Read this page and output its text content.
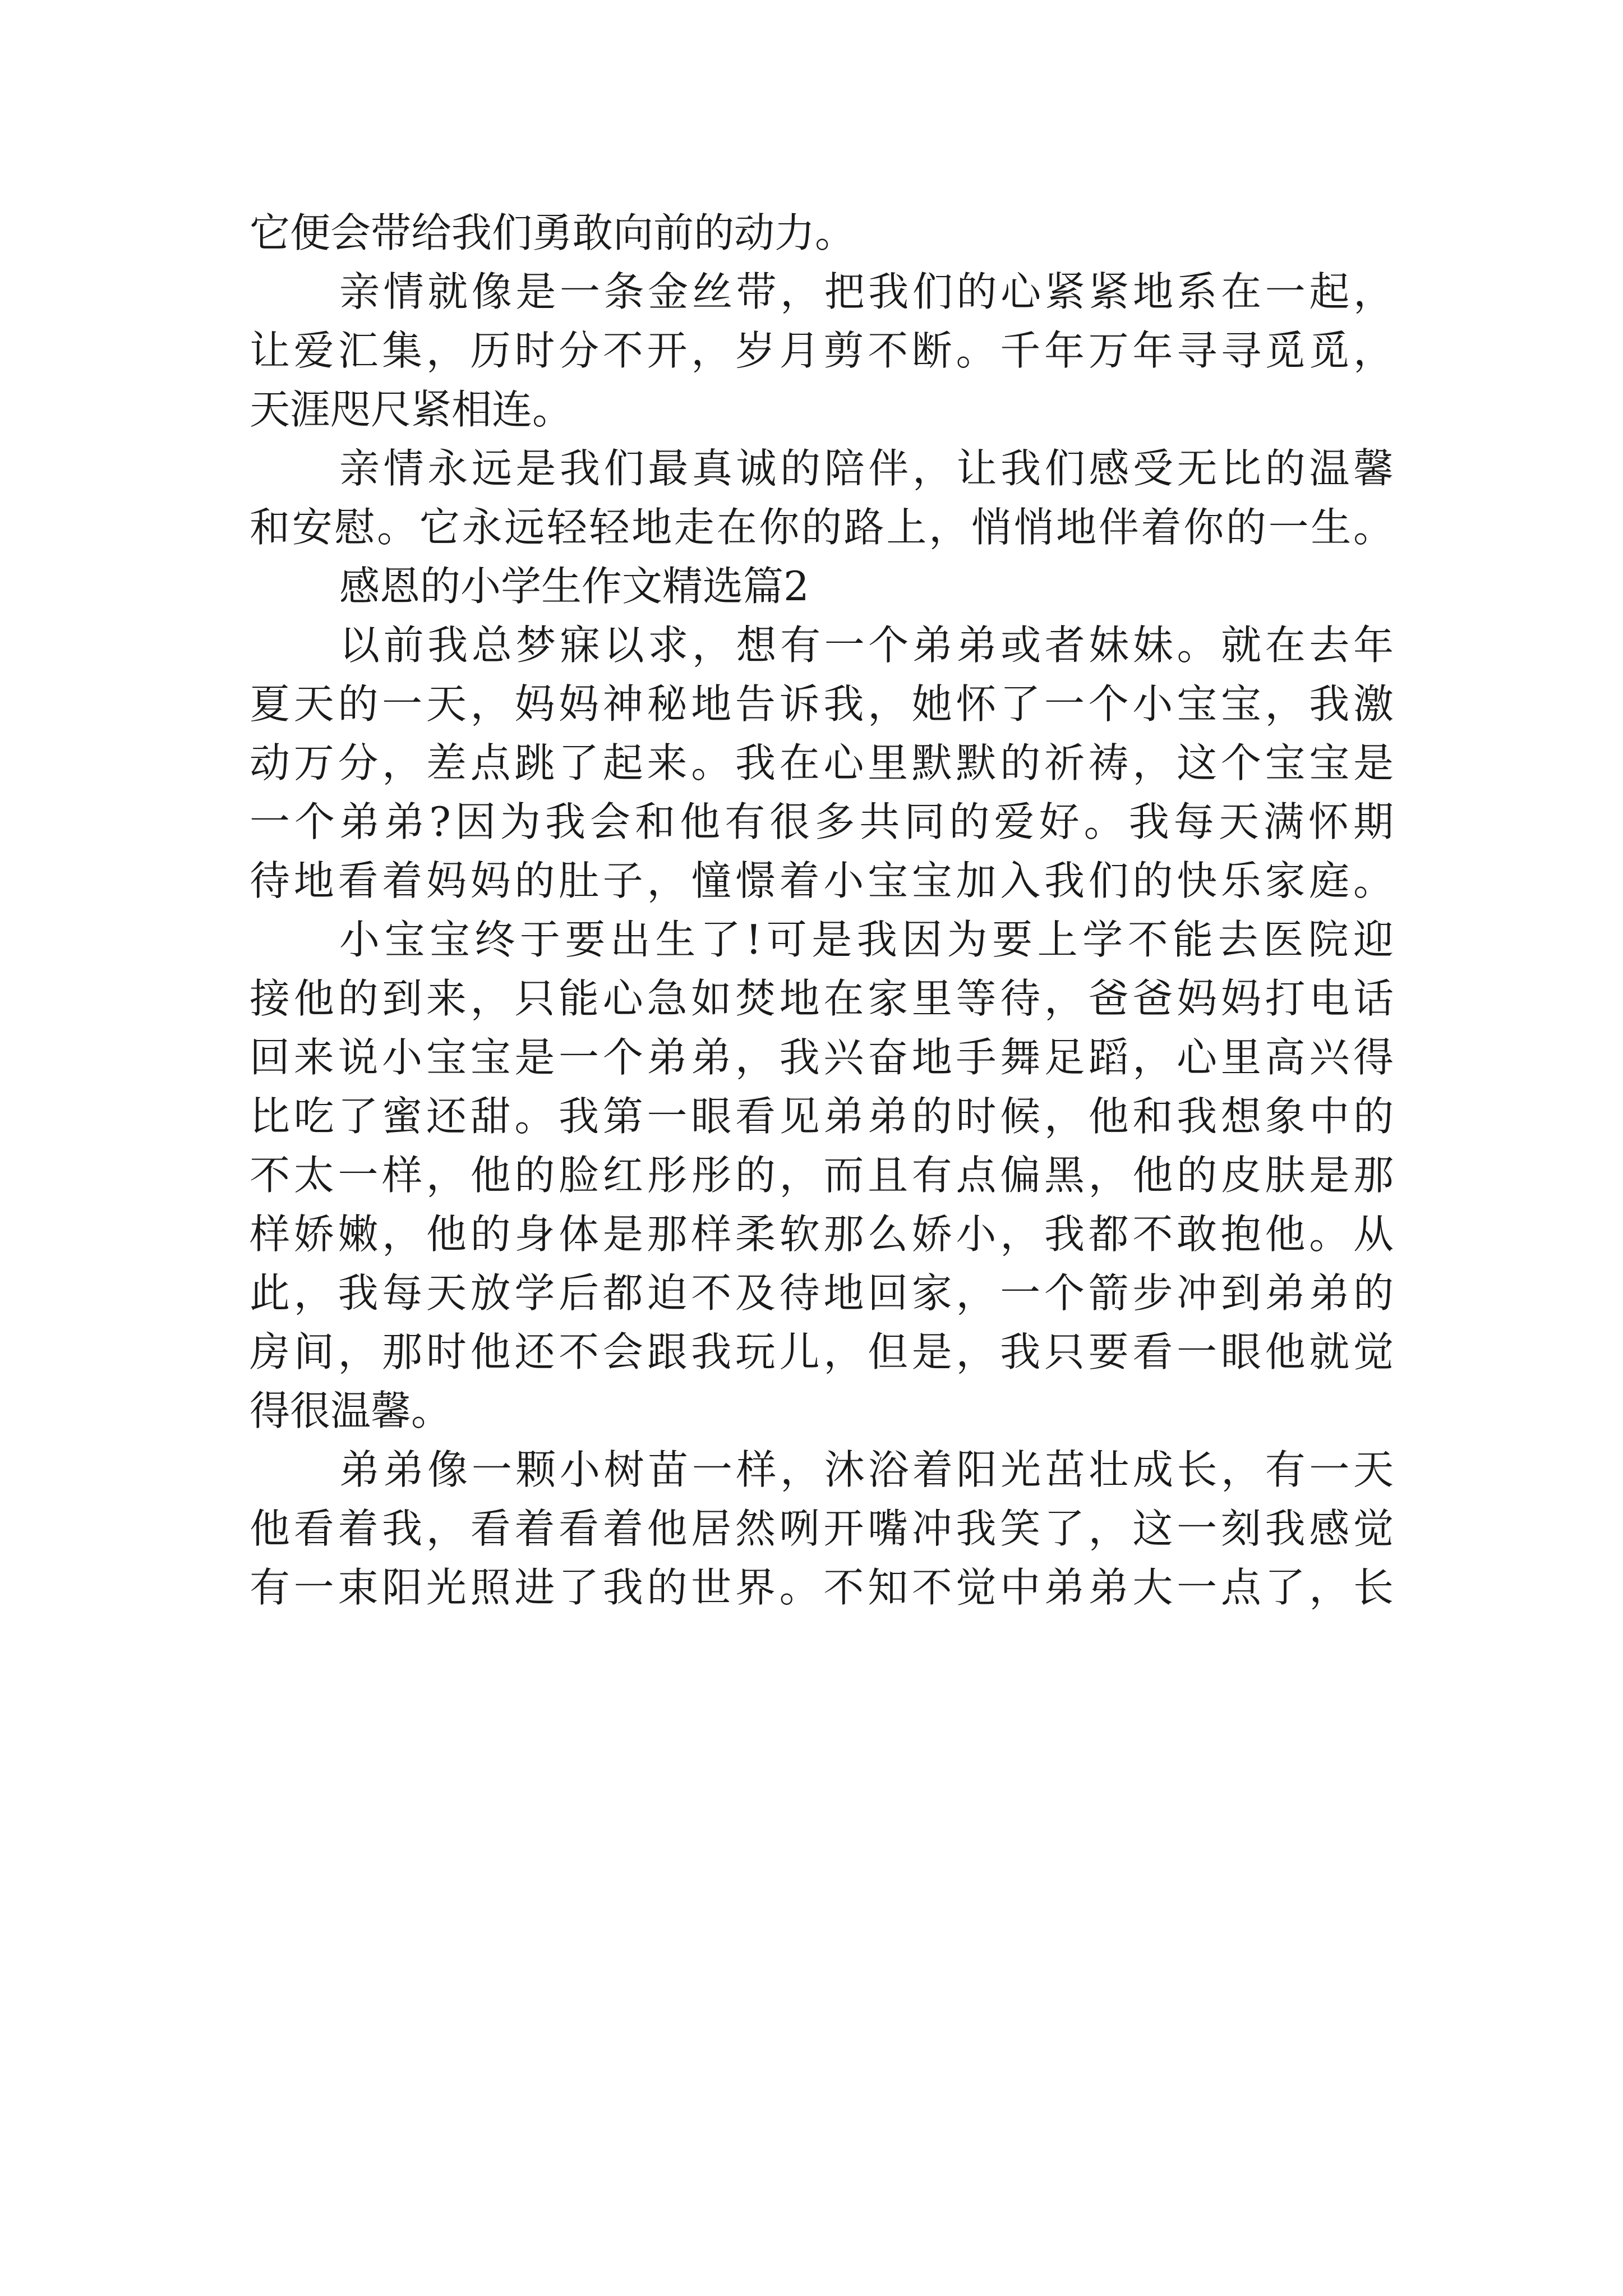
它便会带给我们勇敢向前的动力。
亲情就像是一条金丝带，把我们的心紧紧地系在一起，
让爱汇集，历时分不开，岁月剪不断。千年万年寻寻觅觅，
天涯咫尺紧相连。
亲情永远是我们最真诚的陪伴，让我们感受无比的温馨
和安慰。它永远轻轻地走在你的路上，悄悄地伴着你的一生。
感恩的小学生作文精选篇2
以前我总梦寐以求，想有一个弟弟或者妹妹。就在去年
夏天的一天，妈妈神秘地告诉我，她怀了一个小宝宝，我激
动万分，差点跳了起来。我在心里默默的祈祷，这个宝宝是
一个弟弟?因为我会和他有很多共同的爱好。我每天满怀期
待地看着妈妈的肚子，憧憬着小宝宝加入我们的快乐家庭。
小宝宝终于要出生了!可是我因为要上学不能去医院迎
接他的到来，只能心急如焚地在家里等待，爸爸妈妈打电话
回来说小宝宝是一个弟弟，我兴奋地手舞足蹈，心里高兴得
比吃了蜜还甜。我第一眼看见弟弟的时候，他和我想象中的
不太一样，他的脸红彤彤的，而且有点偏黑，他的皮肤是那
样娇嫩，他的身体是那样柔软那么娇小，我都不敢抱他。从
此，我每天放学后都迫不及待地回家，一个箭步冲到弟弟的
房间，那时他还不会跟我玩儿，但是，我只要看一眼他就觉
得很温馨。
弟弟像一颗小树苗一样，沐浴着阳光茁壮成长，有一天
他看着我，看着看着他居然咧开嘴冲我笑了，这一刻我感觉
有一束阳光照进了我的世界。不知不觉中弟弟大一点了，长
